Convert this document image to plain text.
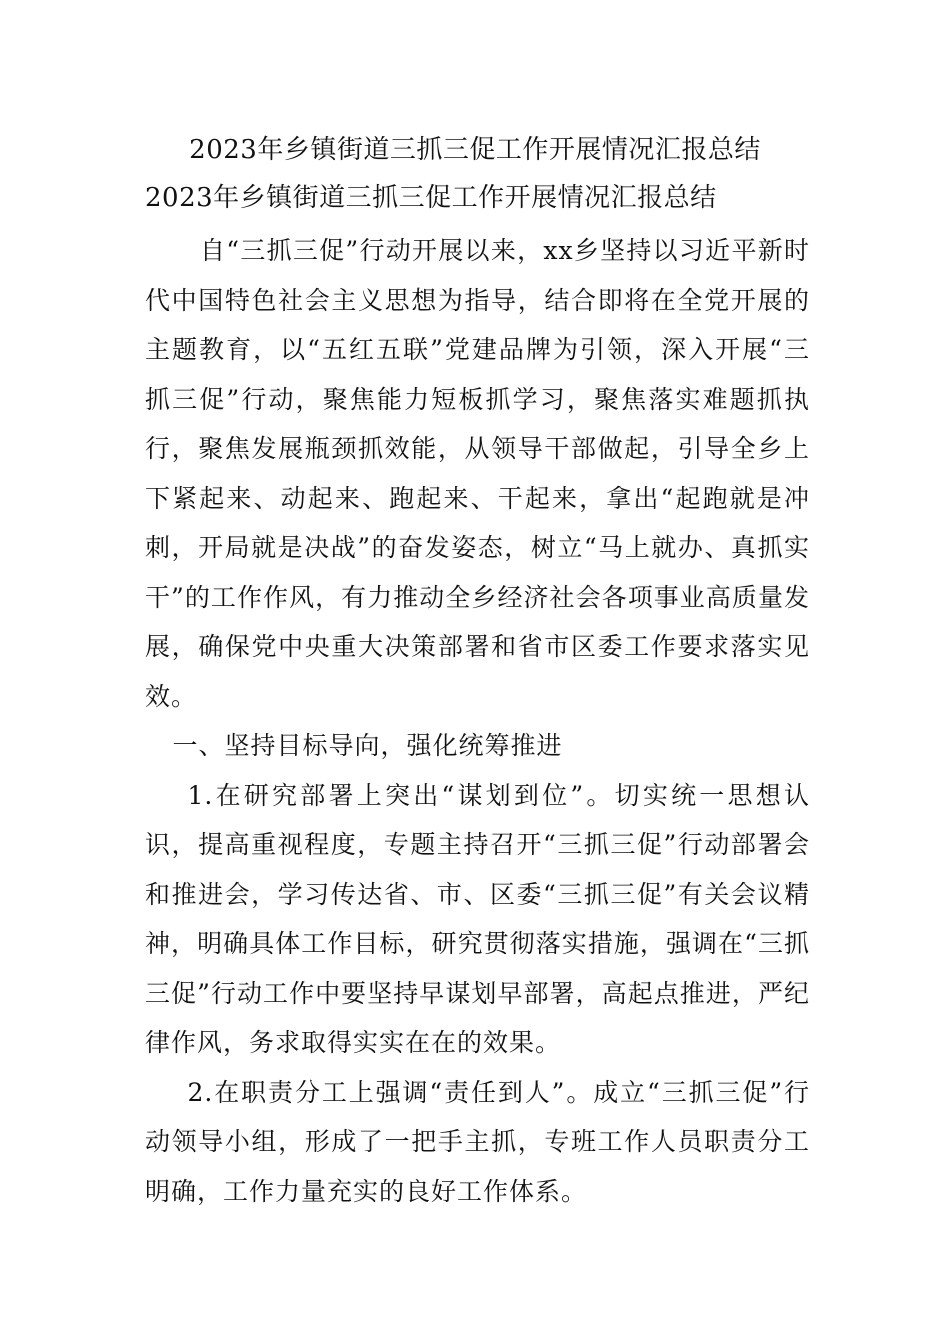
2023年乡镇街道三抓三促工作开展情况汇报总结
2023年乡镇街道三抓三促工作开展情况汇报总结

自“三抓三促”行动开展以来，xx乡坚持以习近平新时代中国特色社会主义思想为指导，结合即将在全党开展的主题教育，以“五红五联”党建品牌为引领，深入开展“三抓三促”行动，聚焦能力短板抓学习，聚焦落实难题抓执行，聚焦发展瓶颈抓效能，从领导干部做起，引导全乡上下紧起来、动起来、跑起来、干起来，拿出“起跑就是冲刺，开局就是决战”的奋发姿态，树立“马上就办、真抓实干”的工作作风，有力推动全乡经济社会各项事业高质量发展，确保党中央重大决策部署和省市区委工作要求落实见效。

一、坚持目标导向，强化统筹推进

1.在研究部署上突出“谋划到位”。切实统一思想认识，提高重视程度，专题主持召开“三抓三促”行动部署会和推进会，学习传达省、市、区委“三抓三促”有关会议精神，明确具体工作目标，研究贯彻落实措施，强调在“三抓三促”行动工作中要坚持早谋划早部署，高起点推进，严纪律作风，务求取得实实在在的效果。

2.在职责分工上强调“责任到人”。成立“三抓三促”行动领导小组，形成了一把手主抓，专班工作人员职责分工明确，工作力量充实的良好工作体系。
